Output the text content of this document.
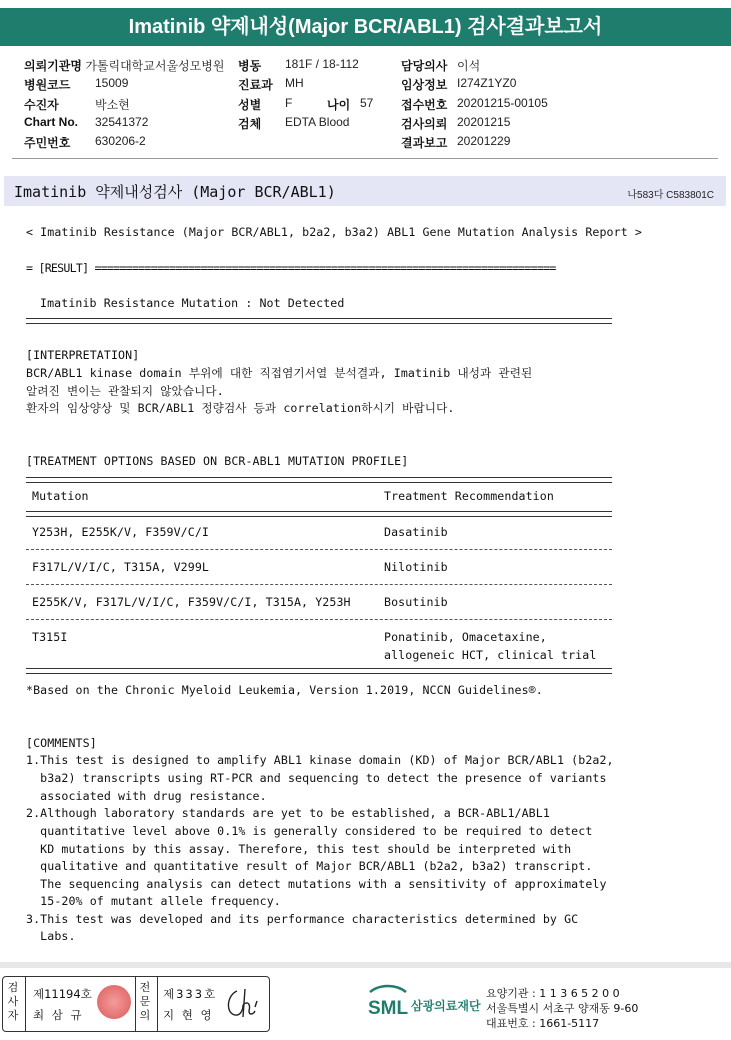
Imatinib 약제내성(Major BCR/ABL1) 검사결과보고서
의뢰기관명 가톨릭대학교서울성모병원
병원코드 15009
수진자	박소현
Chart No. 32541372
주민번호 630206-2
병동 181F / 18-112
진료과 MH
성별 F	나이 57
검체 EDTA Blood
담당의사 이석
임상정보 I274Z1YZ0
접수번호 20201215-00105
검사의뢰 20201215
결과보고 20201229
Imatinib 약제내성검사 (Major BCR/ABL1)	나583다 C583801C
< Imatinib Resistance (Major BCR/ABL1, b2a2, b3a2) ABL1 Gene Mutation Analysis Report >
= [RESULT] ==========================================================================
Imatinib Resistance Mutation : Not Detected
[INTERPRETATION]
BCR/ABL1 kinase domain 부위에 대한 직접염기서열 분석결과, Imatinib 내성과 관련된
알려진 변이는 관찰되지 않았습니다.
환자의 임상양상 및 BCR/ABL1 정량검사 등과 correlation하시기 바랍니다.
[TREATMENT OPTIONS BASED ON BCR-ABL1 MUTATION PROFILE]
Mutation	Treatment Recommendation
Y253H, E255K/V, F359V/C/I	Dasatinib
F317L/V/I/C, T315A, V299L	Nilotinib
E255K/V, F317L/V/I/C, F359V/C/I, T315A, Y253H	Bosutinib
T315I	Ponatinib, Omacetaxine,
allogeneic HCT, clinical trial
*Based on the Chronic Myeloid Leukemia, Version 1.2019, NCCN Guidelines®.
[COMMENTS]
1.This test is designed to amplify ABL1 kinase domain (KD) of Major BCR/ABL1 (b2a2,
b3a2) transcripts using RT-PCR and sequencing to detect the presence of variants
associated with drug resistance.
2.Although laboratory standards are yet to be established, a BCR-ABL1/ABL1
quantitative level above 0.1% is generally considered to be required to detect
KD mutations by this assay. Therefore, this test should be interpreted with
qualitative and quantitative result of Major BCR/ABL1 (b2a2, b3a2) transcript.
The sequencing analysis can detect mutations with a sensitivity of approximately
15-20% of mutant allele frequency.
3.This test was developed and its performance characteristics determined by GC
Labs.
검사자
제11194호
최 삼 규
전문의
제333호
지 현 영	SML 삼광의료재단
요양기관 : 1 1 3 6 5 2 0 0
서울특별시 서초구 양재동 9-60
대표번호 : 1661-5117
